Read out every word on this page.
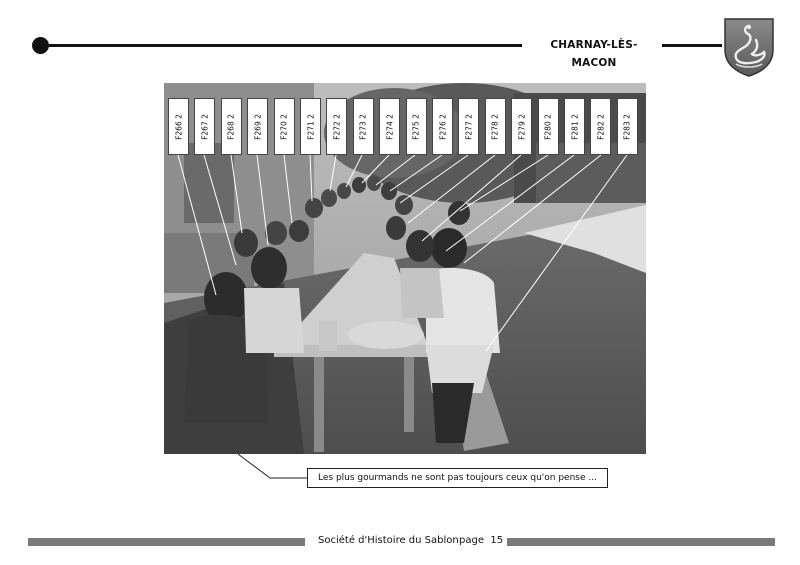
CHARNAY-LÈS-MACON
F266 2 F267 2 F268 2 F269 2 F270 2 F271 2 F272 2 F273 2 F274 2 F275 2 F276 2 F277 2 F278 2 F279 2 F280 2 F281 2 F282 2 F283 2
Les plus gourmands ne sont pas toujours ceux qu'on pense ...
Société d'Histoire du Sablon page 15
